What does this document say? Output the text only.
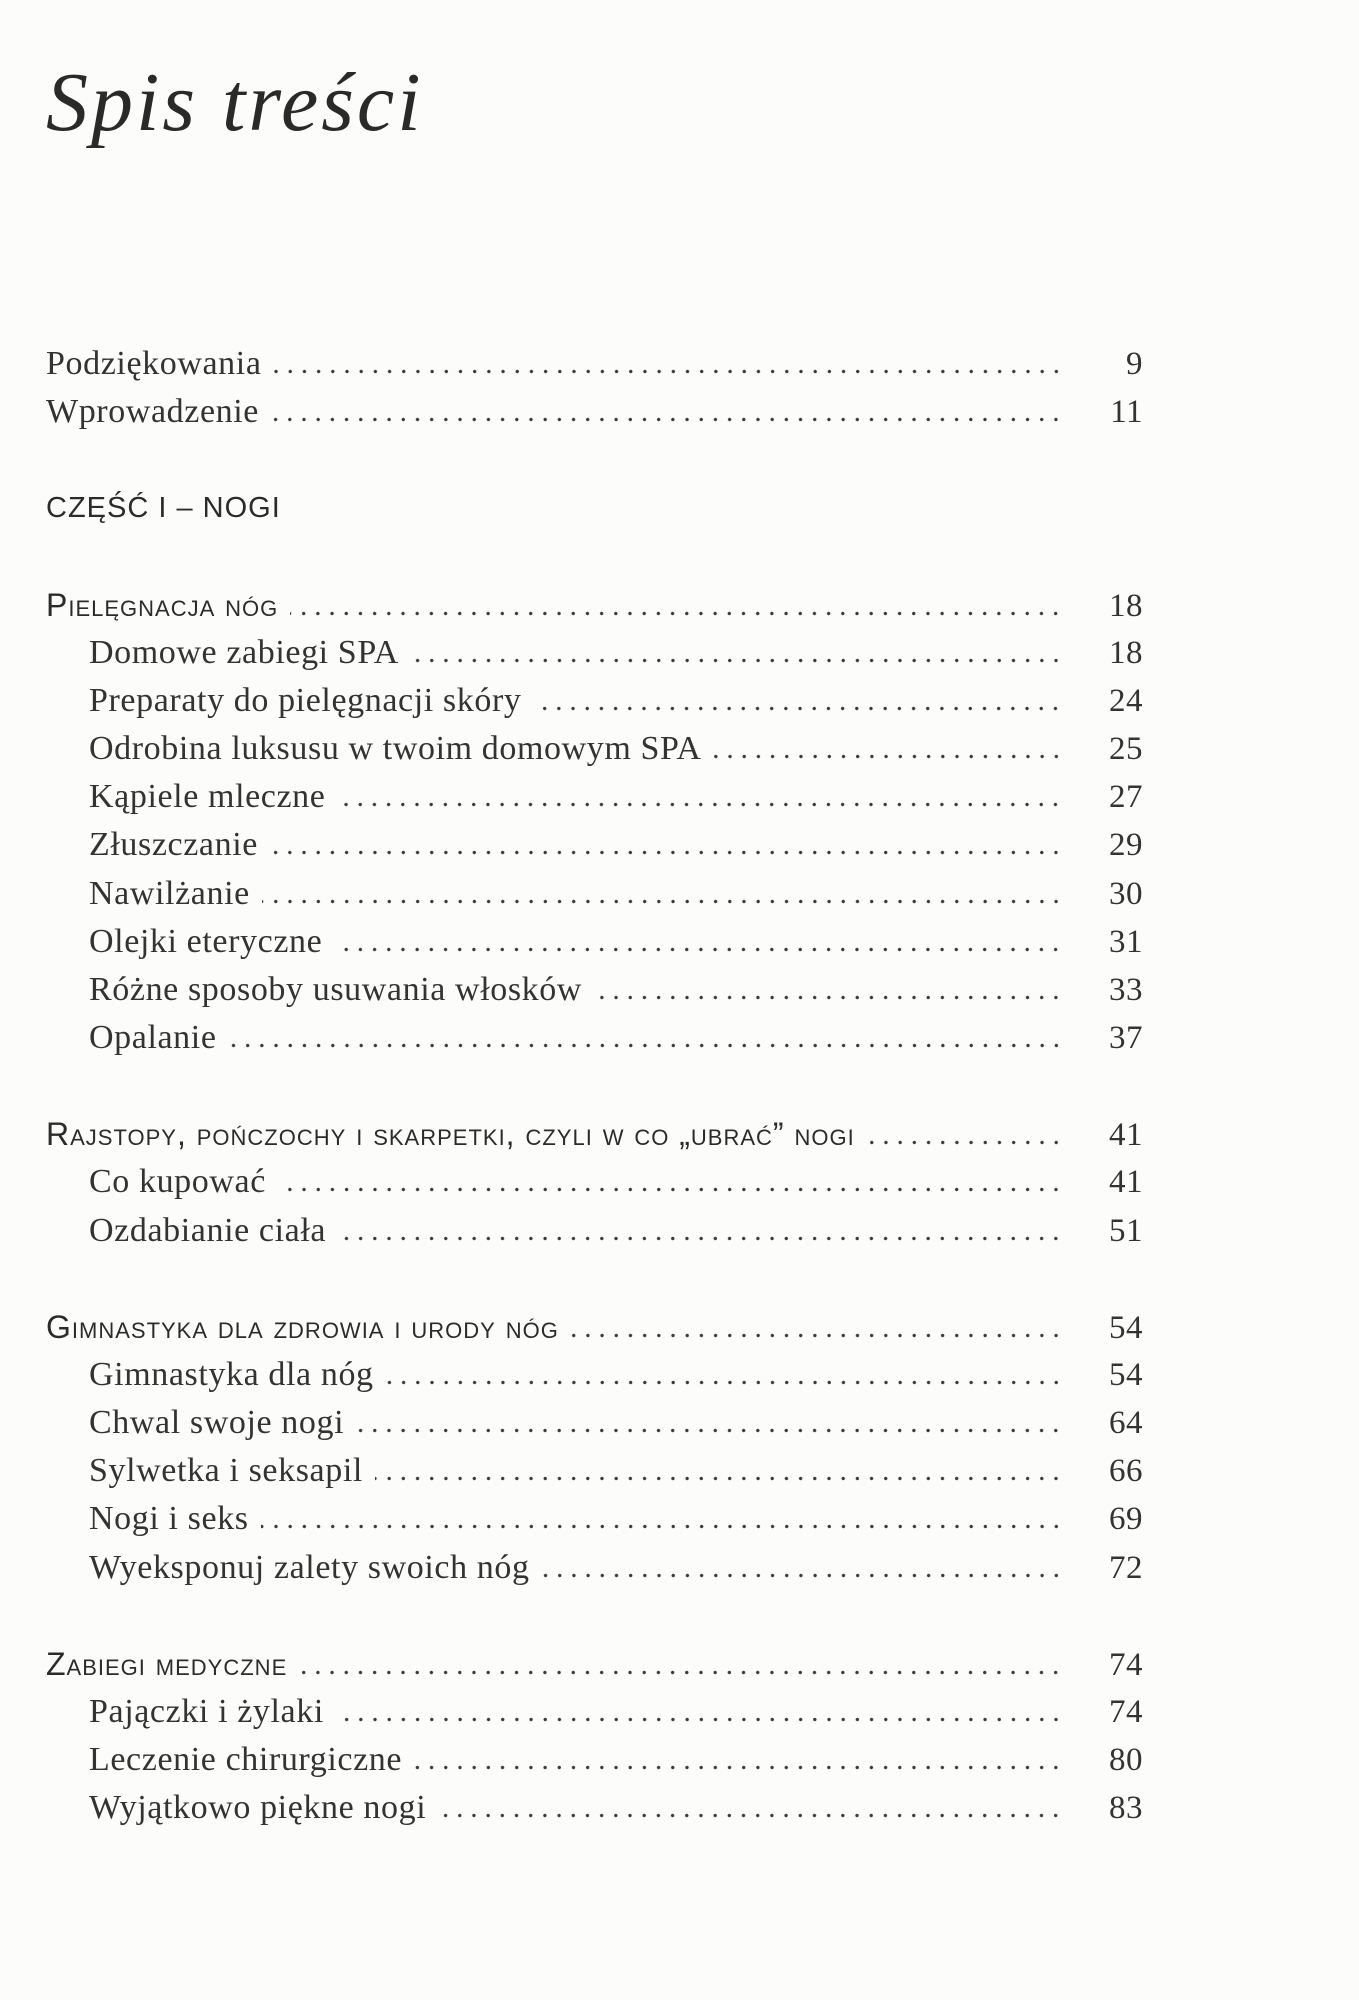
Spis treści
Podziękowania	9
Wprowadzenie	11
CZĘŚĆ I – NOGI
Pielęgnacja nóg	18
Domowe zabiegi SPA	18
Preparaty do pielęgnacji skóry	24
Odrobina luksusu w twoim domowym SPA	25
Kąpiele mleczne	27
Złuszczanie	29
Nawilżanie	30
Olejki eteryczne	31
Różne sposoby usuwania włosków	33
Opalanie	37
Rajstopy, pończochy i skarpetki, czyli w co „ubrać” nogi	41
Co kupować	41
Ozdabianie ciała	51
Gimnastyka dla zdrowia i urody nóg	54
Gimnastyka dla nóg	54
Chwal swoje nogi	64
Sylwetka i seksapil	66
Nogi i seks	69
Wyeksponuj zalety swoich nóg	72
Zabiegi medyczne	74
Pajączki i żylaki	74
Leczenie chirurgiczne	80
Wyjątkowo piękne nogi	83
